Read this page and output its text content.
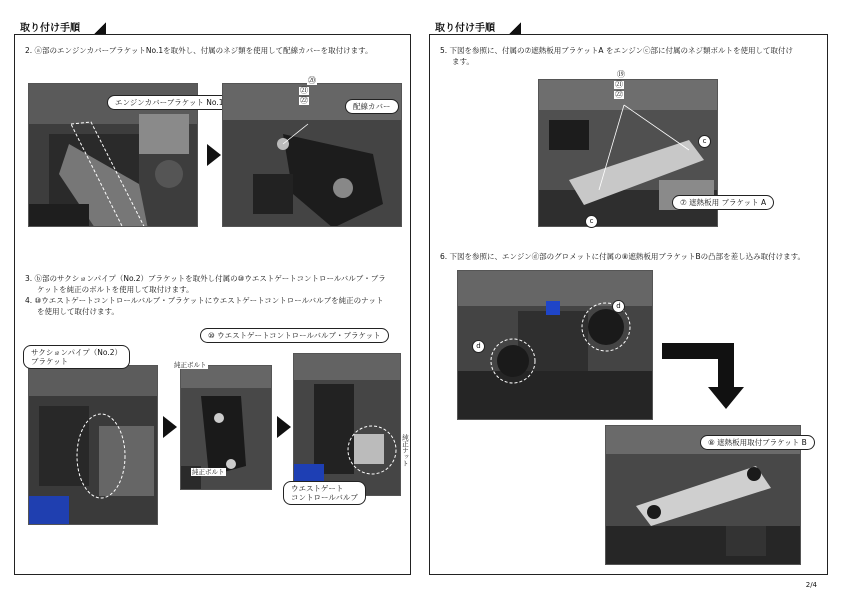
取り付け手順	取り付け手順
2. ⓐ部のエンジンカバーブラケットNo.1を取外し、付属のネジ類を使用して配線カバーを取付けます。
エンジンカバーブラケット No.1
⑳
㉑
㉒
配線カバー
3. ⓑ部のサクションパイプ（No.2）ブラケットを取外し付属の⑩ウエストゲートコントロールバルブ・ブラ
ケットを純正のボルトを使用して取付けます。
4. ⑩ウエストゲートコントロールバルブ・ブラケットにウエストゲートコントロールバルブを純正のナット
を使用して取付けます。
サクションパイプ（No.2）
ブラケット
⑩ ウエストゲートコントロールバルブ・ブラケット
純正ボルト
純正ボルト
純正ナット
ウエストゲート
コントロールバルブ
5. 下図を参照に、付属の⑦遮熱板用ブラケットA をエンジンⓒ部に付属のネジ類ボルトを使用して取付け
ます。
⑲
㉑
㉒
c
c
⑦ 遮熱板用 ブラケット A
6. 下図を参照に、エンジンⓓ部のグロメットに付属の⑧遮熱板用ブラケットBの凸部を差し込み取付けます。
d
d
⑧ 遮熱板用取付ブラケット B
2/4
